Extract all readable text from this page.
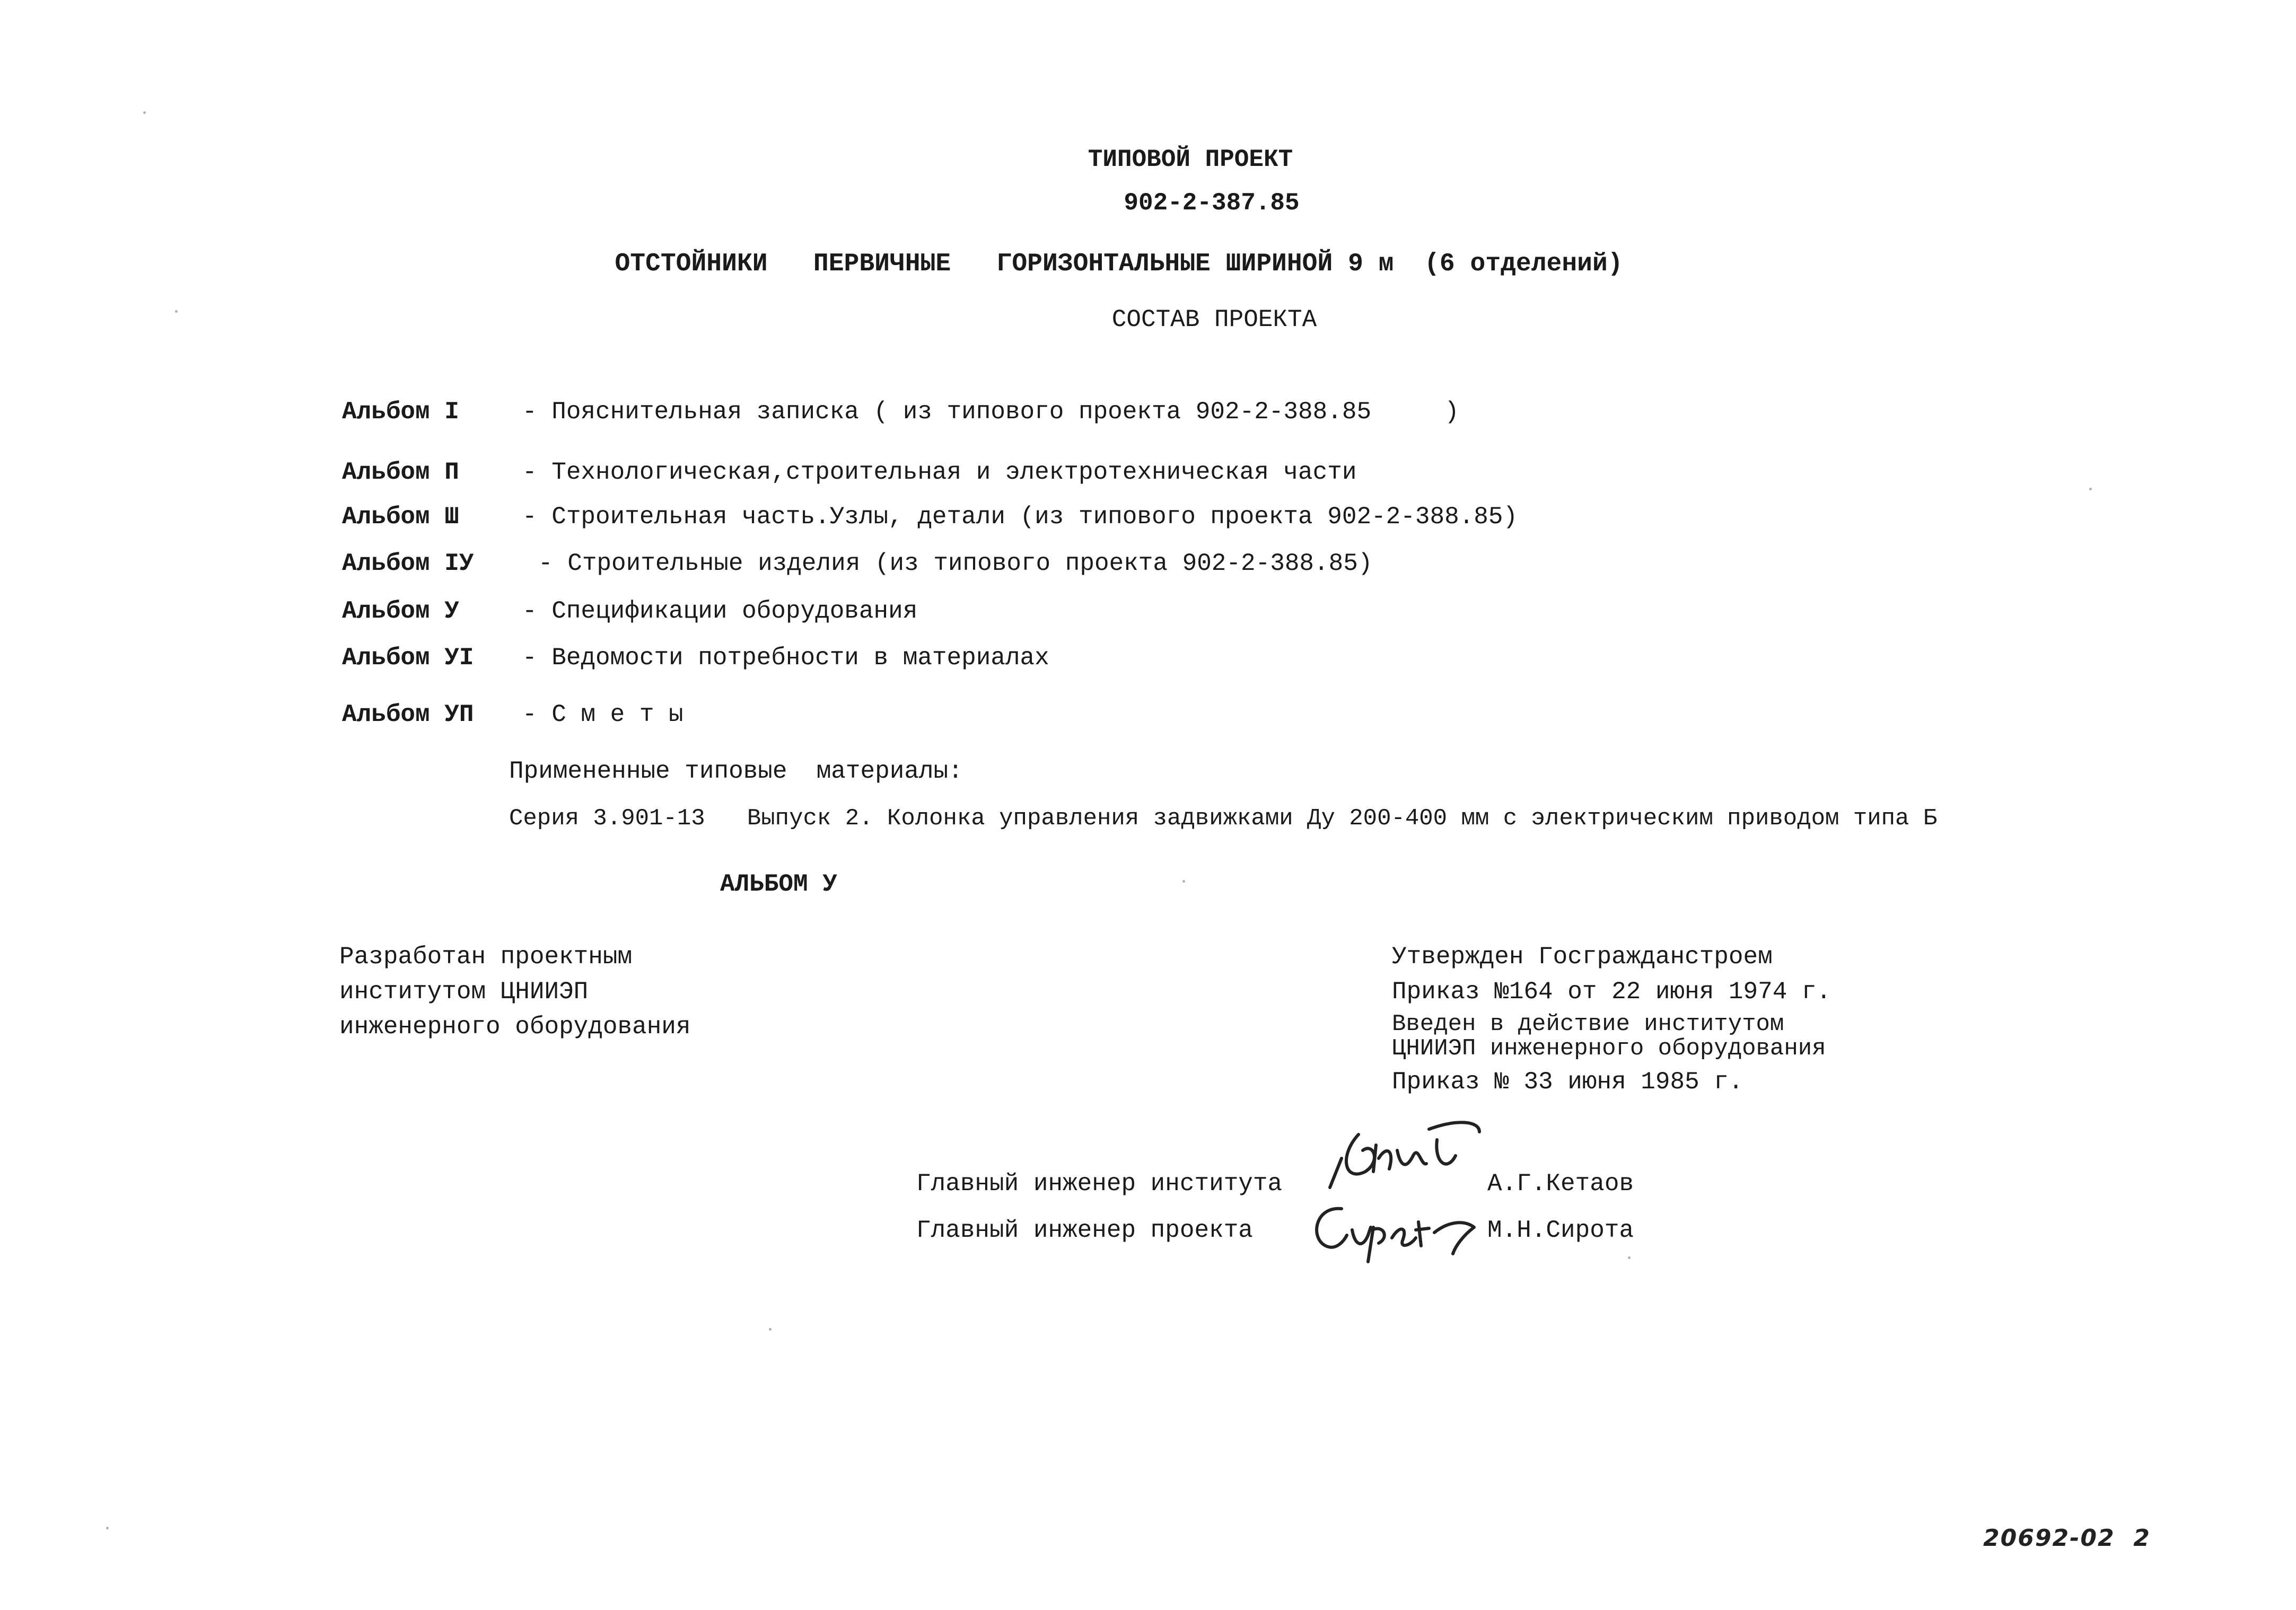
ТИПОВОЙ ПРОЕКТ
902-2-387.85
ОТСТОЙНИКИ   ПЕРВИЧНЫЕ   ГОРИЗОНТАЛЬНЫЕ ШИРИНОЙ 9 м  (6 отделений)
СОСТАВ ПРОЕКТА
Альбом I	- Пояснительная записка ( из типового проекта 902-2-388.85     )
Альбом П	- Технологическая,строительная и электротехническая части
Альбом Ш	- Строительная часть.Узлы, детали (из типового проекта 902-2-388.85)
Альбом IУ	- Строительные изделия (из типового проекта 902-2-388.85)
Альбом У	- Спецификации оборудования
Альбом УI - Ведомости потребности в материалах
Альбом УП - С м е т ы
Примененные типовые  материалы:
Серия 3.901-13   Выпуск 2. Колонка управления задвижками Ду 200-400 мм с электрическим приводом типа Б
АЛЬБОМ У
Разработан проектным
институтом ЦНИИЭП
инженерного оборудования
Утвержден Госгражданстроем
Приказ №164 от 22 июня 1974 г.
Введен в действие институтом
ЦНИИЭП инженерного оборудования
Приказ № 33 июня 1985 г.
Главный инженер института	А.Г.Кетаов
Главный инженер проекта	М.Н.Сирота
20692-02  2
